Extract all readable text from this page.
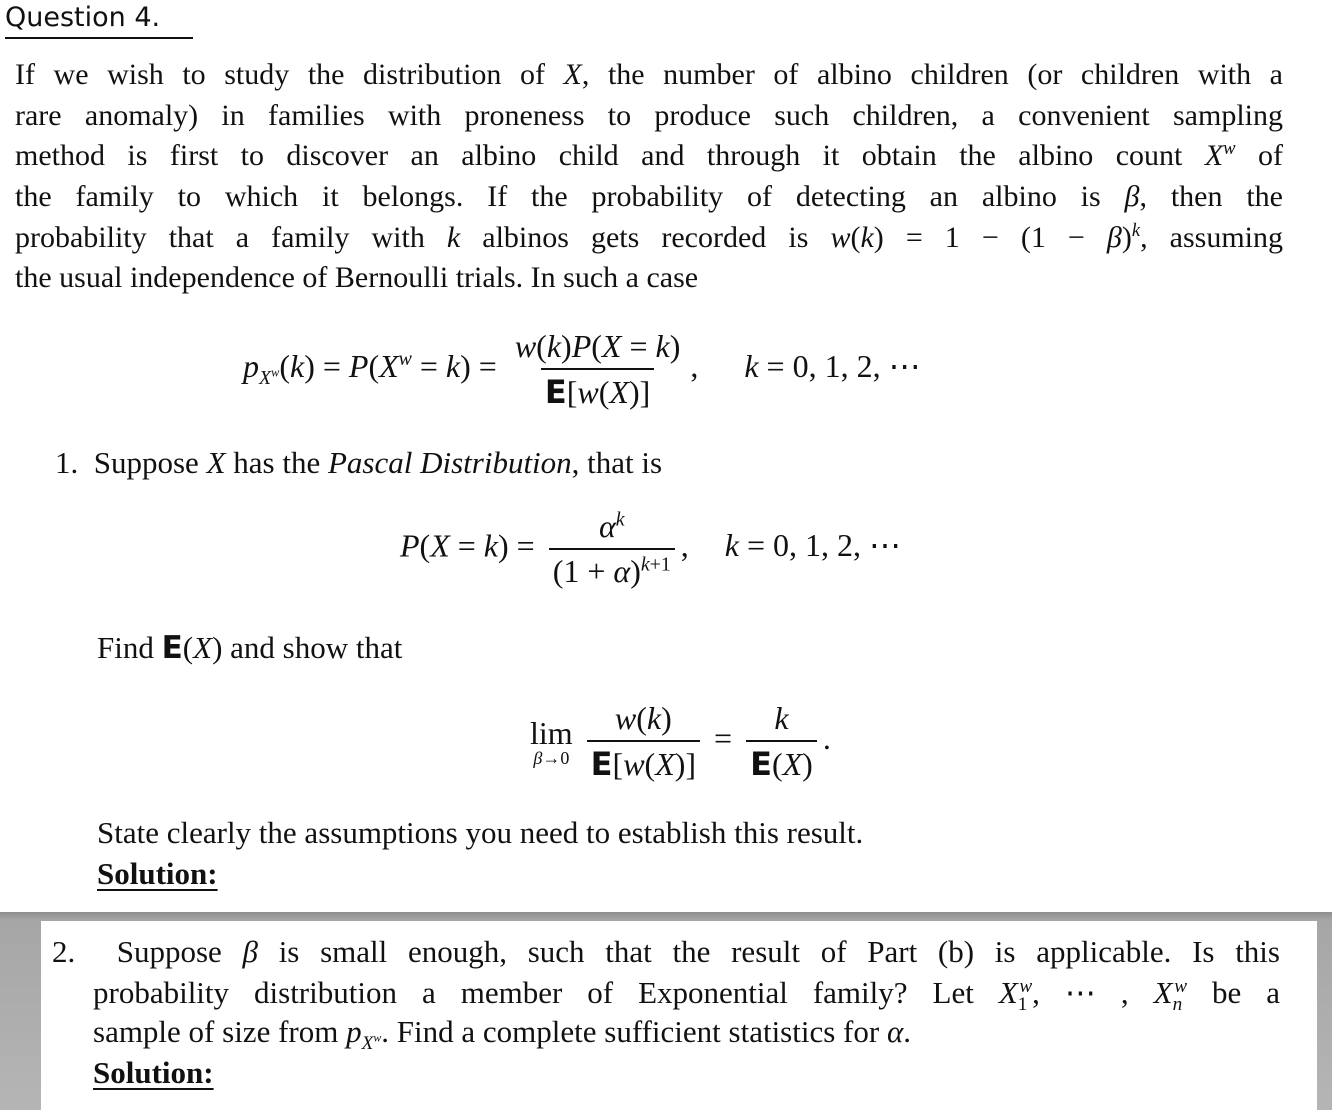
Question 4.
If we wish to study the distribution of X, the number of albino children (or children with a
rare anomaly) in families with proneness to produce such children, a convenient sampling
method is first to discover an albino child and through it obtain the albino count $X^w$ of
the family to which it belongs. If the probability of detecting an albino is β, then the
probability that a family with k albinos gets recorded is $w(k) = 1 - (1 - \beta)^k$, assuming
the usual independence of Bernoulli trials. In such a case
$p_{X^w}(k) = P(X^w = k) = \frac{w(k)P(X = k)}{E[w(X)]}$ , k = 0, 1, 2, ⋯
1.  Suppose X has the Pascal Distribution, that is
$P(X = k) = \frac{\alpha^k}{(1 + \alpha)^{k+1}}$ , k = 0, 1, 2, ⋯
Find E(X) and show that
lim
β→0
$\frac{w(k)}{E[w(X)]} = \frac{k}{E(X)}$ .
State clearly the assumptions you need to establish this result.
Solution:
2.  Suppose β is small enough, such that the result of Part (b) is applicable. Is this
probability distribution a member of Exponential family? Let $X_1^w$, ⋯ , $X_n^w$ be a
sample of size from $p_{X^w}$. Find a complete sufficient statistics for α.
Solution:
